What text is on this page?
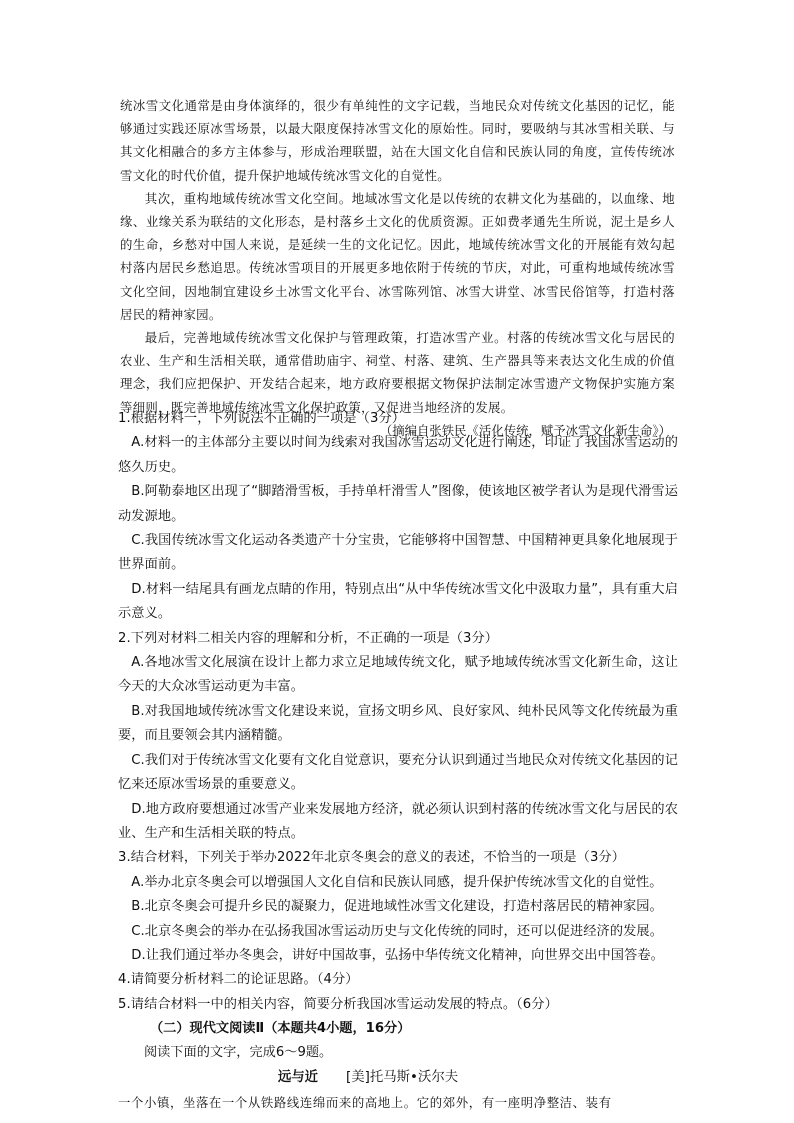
统冰雪文化通常是由身体演绎的，很少有单纯性的文字记载，当地民众对传统文化基因的记忆，能够通过实践还原冰雪场景，以最大限度保持冰雪文化的原始性。同时，要吸纳与其冰雪相关联、与其文化相融合的多方主体参与，形成治理联盟，站在大国文化自信和民族认同的角度，宣传传统冰雪文化的时代价值，提升保护地域传统冰雪文化的自觉性。

其次，重构地域传统冰雪文化空间。地域冰雪文化是以传统的农耕文化为基础的，以血缘、地缘、业缘关系为联结的文化形态，是村落乡土文化的优质资源。正如费孝通先生所说，泥土是乡人的生命，乡愁对中国人来说，是延续一生的文化记忆。因此，地域传统冰雪文化的开展能有效勾起村落内居民乡愁追思。传统冰雪项目的开展更多地依附于传统的节庆，对此，可重构地域传统冰雪文化空间，因地制宜建设乡土冰雪文化平台、冰雪陈列馆、冰雪大讲堂、冰雪民俗馆等，打造村落居民的精神家园。

最后，完善地域传统冰雪文化保护与管理政策，打造冰雪产业。村落的传统冰雪文化与居民的农业、生产和生活相关联，通常借助庙宇、祠堂、村落、建筑、生产器具等来表达文化生成的价值理念，我们应把保护、开发结合起来，地方政府要根据文物保护法制定冰雪遗产文物保护实施方案等细则，既完善地域传统冰雪文化保护政策，又促进当地经济的发展。

（摘编自张铁民《活化传统，赋予冰雪文化新生命》）

1.根据材料一，下列说法不正确的一项是（3分）

A.材料一的主体部分主要以时间为线索对我国冰雪运动文化进行阐述，印证了我国冰雪运动的悠久历史。

B.阿勒泰地区出现了“脚踏滑雪板，手持单杆滑雪人”图像，使该地区被学者认为是现代滑雪运动发源地。

C.我国传统冰雪文化运动各类遗产十分宝贵，它能够将中国智慧、中国精神更具象化地展现于世界面前。

D.材料一结尾具有画龙点睛的作用，特别点出“从中华传统冰雪文化中汲取力量”，具有重大启示意义。

2.下列对材料二相关内容的理解和分析，不正确的一项是（3分）

A.各地冰雪文化展演在设计上都力求立足地域传统文化，赋予地域传统冰雪文化新生命，这让今天的大众冰雪运动更为丰富。

B.对我国地域传统冰雪文化建设来说，宣扬文明乡风、良好家风、纯朴民风等文化传统最为重要，而且要领会其内涵精髓。

C.我们对于传统冰雪文化要有文化自觉意识，要充分认识到通过当地民众对传统文化基因的记忆来还原冰雪场景的重要意义。

D.地方政府要想通过冰雪产业来发展地方经济，就必须认识到村落的传统冰雪文化与居民的农业、生产和生活相关联的特点。

3.结合材料，下列关于举办2022年北京冬奥会的意义的表述，不恰当的一项是（3分）

A.举办北京冬奥会可以增强国人文化自信和民族认同感，提升保护传统冰雪文化的自觉性。

B.北京冬奥会可提升乡民的凝聚力，促进地域性冰雪文化建设，打造村落居民的精神家园。

C.北京冬奥会的举办在弘扬我国冰雪运动历史与文化传统的同时，还可以促进经济的发展。

D.让我们通过举办冬奥会，讲好中国故事，弘扬中华传统文化精神，向世界交出中国答卷。

4.请简要分析材料二的论证思路。（4分）

5.请结合材料一中的相关内容，简要分析我国冰雪运动发展的特点。（6分）

（二）现代文阅读Ⅱ（本题共4小题，16分）

阅读下面的文字，完成6～9题。

远与近 [美]托马斯•沃尔夫

一个小镇，坐落在一个从铁路线连绵而来的高地上。它的郊外，有一座明净整洁、装有
